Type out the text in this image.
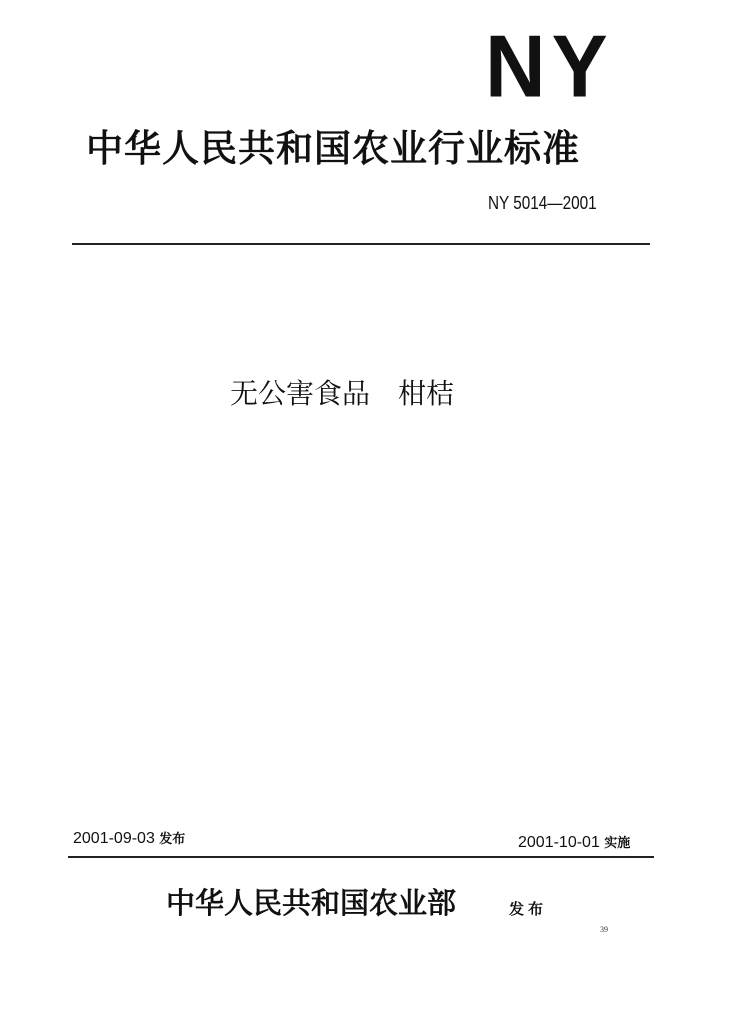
NY
中华人民共和国农业行业标准
NY 5014—2001
无公害食品 柑桔
2001-09-03 发布	2001-10-01 实施
中华人民共和国农业部	发布
39
